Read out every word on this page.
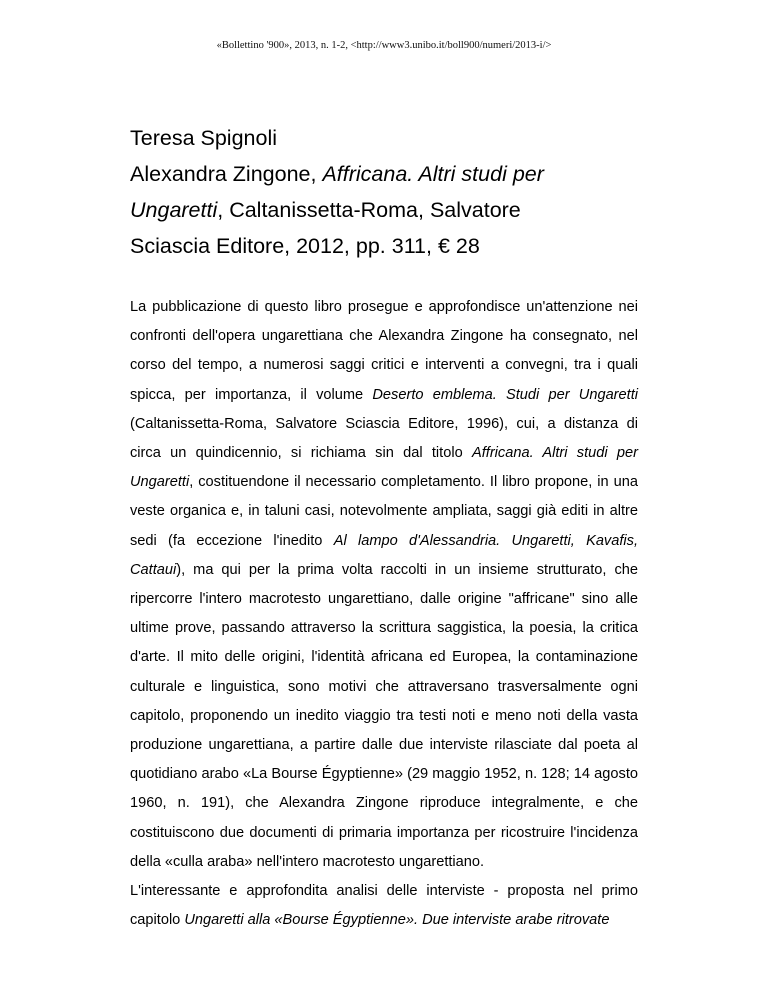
«Bollettino '900», 2013, n. 1-2, <http://www3.unibo.it/boll900/numeri/2013-i/>
Teresa Spignoli
Alexandra Zingone, Affricana. Altri studi per
Ungaretti, Caltanissetta-Roma, Salvatore
Sciascia Editore, 2012, pp. 311, € 28

La pubblicazione di questo libro prosegue e approfondisce un'attenzione nei confronti dell'opera ungarettiana che Alexandra Zingone ha consegnato, nel corso del tempo, a numerosi saggi critici e interventi a convegni, tra i quali spicca, per importanza, il volume Deserto emblema. Studi per Ungaretti (Caltanissetta-Roma, Salvatore Sciascia Editore, 1996), cui, a distanza di circa un quindicennio, si richiama sin dal titolo Affricana. Altri studi per Ungaretti, costituendone il necessario completamento. Il libro propone, in una veste organica e, in taluni casi, notevolmente ampliata, saggi già editi in altre sedi (fa eccezione l'inedito Al lampo d'Alessandria. Ungaretti, Kavafis, Cattaui), ma qui per la prima volta raccolti in un insieme strutturato, che ripercorre l'intero macrotesto ungarettiano, dalle origine "affricane" sino alle ultime prove, passando attraverso la scrittura saggistica, la poesia, la critica d'arte. Il mito delle origini, l'identità africana ed Europea, la contaminazione culturale e linguistica, sono motivi che attraversano trasversalmente ogni capitolo, proponendo un inedito viaggio tra testi noti e meno noti della vasta produzione ungarettiana, a partire dalle due interviste rilasciate dal poeta al quotidiano arabo «La Bourse Égyptienne» (29 maggio 1952, n. 128; 14 agosto 1960, n. 191), che Alexandra Zingone riproduce integralmente, e che costituiscono due documenti di primaria importanza per ricostruire l'incidenza della «culla araba» nell'intero macrotesto ungarettiano.

L'interessante e approfondita analisi delle interviste - proposta nel primo capitolo Ungaretti alla «Bourse Égyptienne». Due interviste arabe ritrovate
